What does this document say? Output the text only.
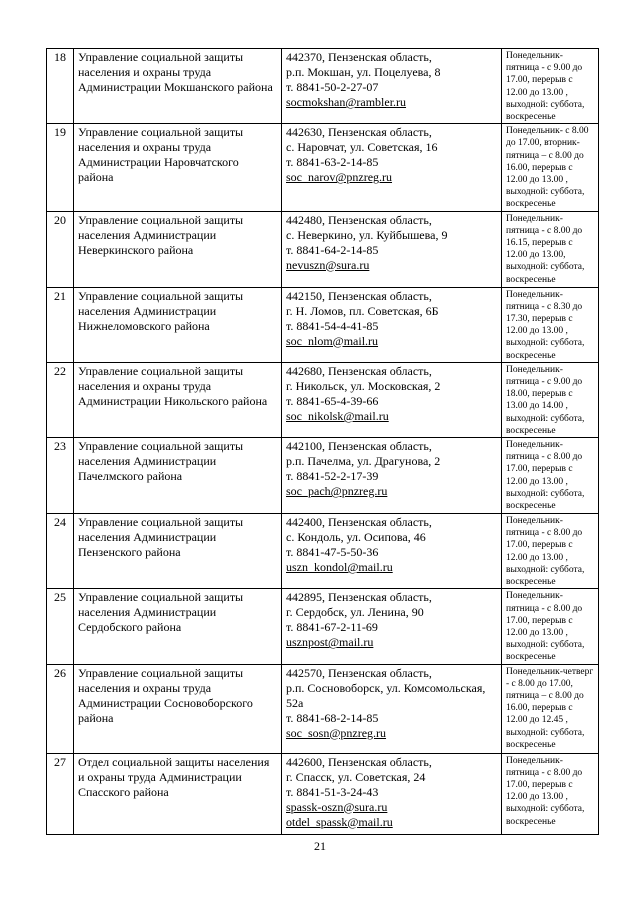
18	Управление социальной защиты населения и охраны труда Администрации Мокшанского района	442370, Пензенская область,
р.п. Мокшан, ул. Поцелуева, 8
т. 8841-50-2-27-07
socmokshan@rambler.ru	Понедельник-пятница - с 9.00 до 17.00, перерыв с 12.00 до 13.00 , выходной: суббота, воскресенье
19	Управление социальной защиты населения и охраны труда Администрации Наровчатского района	442630, Пензенская область,
с. Наровчат, ул. Советская, 16
т. 8841-63-2-14-85
soc_narov@pnzreg.ru	Понедельник- с 8.00 до 17.00, вторник-пятница – с 8.00 до 16.00, перерыв с 12.00 до 13.00 , выходной: суббота, воскресенье
20	Управление социальной защиты населения Администрации Неверкинского района	442480, Пензенская область,
с. Неверкино, ул. Куйбышева, 9
т. 8841-64-2-14-85
nevuszn@sura.ru	Понедельник-пятница - с 8.00 до 16.15, перерыв с 12.00 до 13.00, выходной: суббота, воскресенье
21	Управление социальной защиты населения Администрации Нижнеломовского района	442150, Пензенская область,
г. Н. Ломов, пл. Советская, 6Б
т. 8841-54-4-41-85
soc_nlom@mail.ru	Понедельник-пятница - с 8.30 до 17.30, перерыв с 12.00 до 13.00 , выходной: суббота, воскресенье
22	Управление социальной защиты населения и охраны труда Администрации Никольского района	442680, Пензенская область,
г. Никольск, ул. Московская, 2
т. 8841-65-4-39-66
soc_nikolsk@mail.ru	Понедельник-пятница - с 9.00 до 18.00, перерыв с 13.00 до 14.00 , выходной: суббота, воскресенье
23	Управление социальной защиты населения Администрации Пачелмского района	442100, Пензенская область,
р.п. Пачелма, ул. Драгунова, 2
т. 8841-52-2-17-39
soc_pach@pnzreg.ru	Понедельник-пятница - с 8.00 до 17.00, перерыв с 12.00 до 13.00 , выходной: суббота, воскресенье
24	Управление социальной защиты населения Администрации Пензенского района	442400, Пензенская область,
с. Кондоль, ул. Осипова, 46
т. 8841-47-5-50-36
uszn_kondol@mail.ru	Понедельник-пятница - с 8.00 до 17.00, перерыв с 12.00 до 13.00 , выходной: суббота, воскресенье
25	Управление социальной защиты населения Администрации Сердобского района	442895, Пензенская область,
г. Сердобск, ул. Ленина, 90
т. 8841-67-2-11-69
usznpost@mail.ru	Понедельник-пятница - с 8.00 до 17.00, перерыв с 12.00 до 13.00 , выходной: суббота, воскресенье
26	Управление социальной защиты населения и охраны труда Администрации Сосновоборского района	442570, Пензенская область,
р.п. Сосновоборск, ул. Комсомольская, 52а
т. 8841-68-2-14-85
soc_sosn@pnzreg.ru	Понедельник-четверг - с 8.00 до 17.00, пятница – с 8.00 до 16.00, перерыв с 12.00 до 12.45 , выходной: суббота, воскресенье
27	Отдел социальной защиты населения и охраны труда Администрации Спасского района	442600, Пензенская область,
г. Спасск, ул. Советская, 24
т. 8841-51-3-24-43
spassk-oszn@sura.ru
otdel_spassk@mail.ru	Понедельник-пятница - с 8.00 до 17.00, перерыв с 12.00 до 13.00 , выходной: суббота, воскресенье
21
